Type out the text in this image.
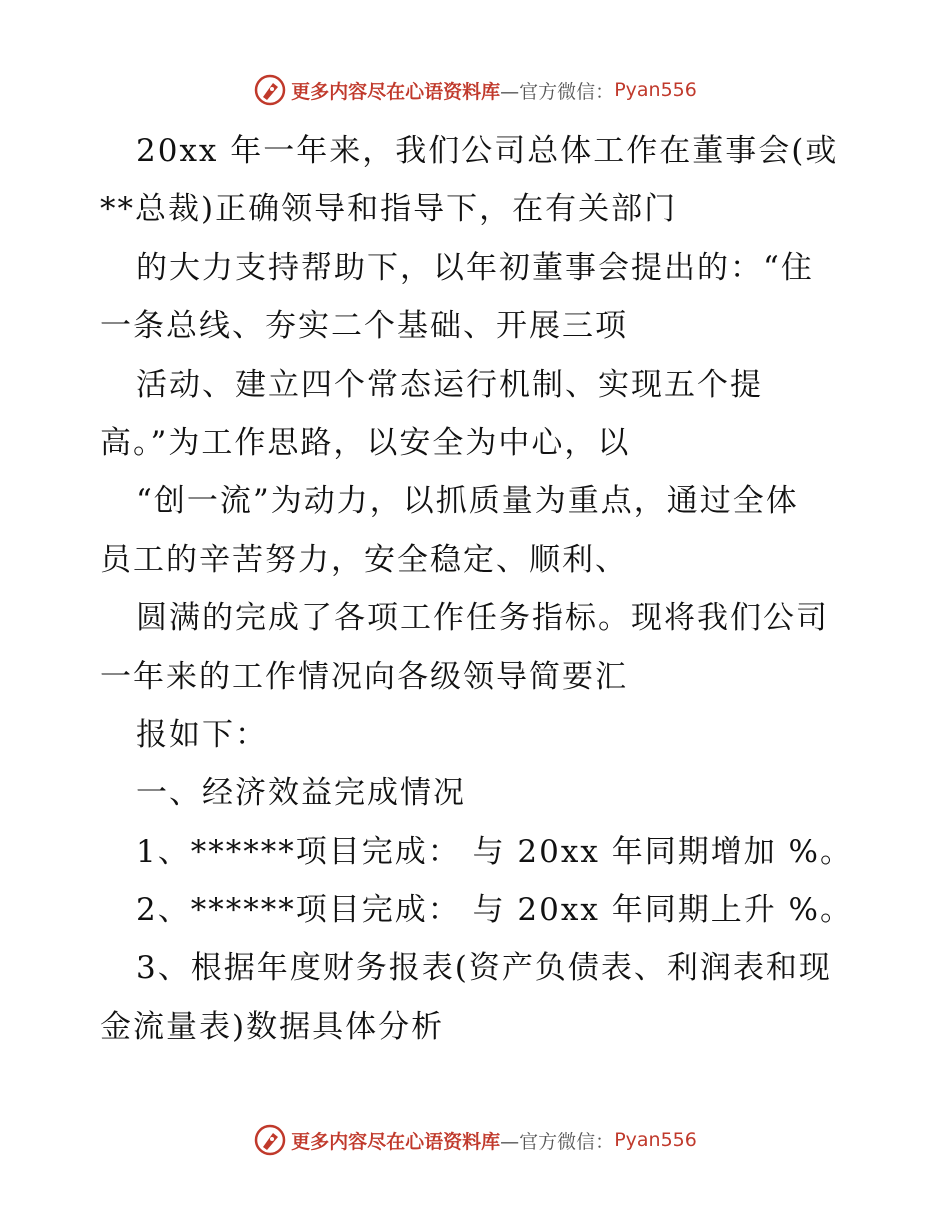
更多内容尽在心语资料库 —官方微信： Pyan556

20xx 年一年来，我们公司总体工作在董事会(或

**总裁)正确领导和指导下，在有关部门

的大力支持帮助下，以年初董事会提出的：“住

一条总线、夯实二个基础、开展三项

活动、建立四个常态运行机制、实现五个提

高。”为工作思路，以安全为中心，以

“创一流”为动力，以抓质量为重点，通过全体

员工的辛苦努力，安全稳定、顺利、

圆满的完成了各项工作任务指标。现将我们公司

一年来的工作情况向各级领导简要汇

报如下：

一、经济效益完成情况

1、******项目完成： 与 20xx 年同期增加 %。

2、******项目完成： 与 20xx 年同期上升 %。

3、根据年度财务报表(资产负债表、利润表和现

金流量表)数据具体分析

更多内容尽在心语资料库 —官方微信： Pyan556
